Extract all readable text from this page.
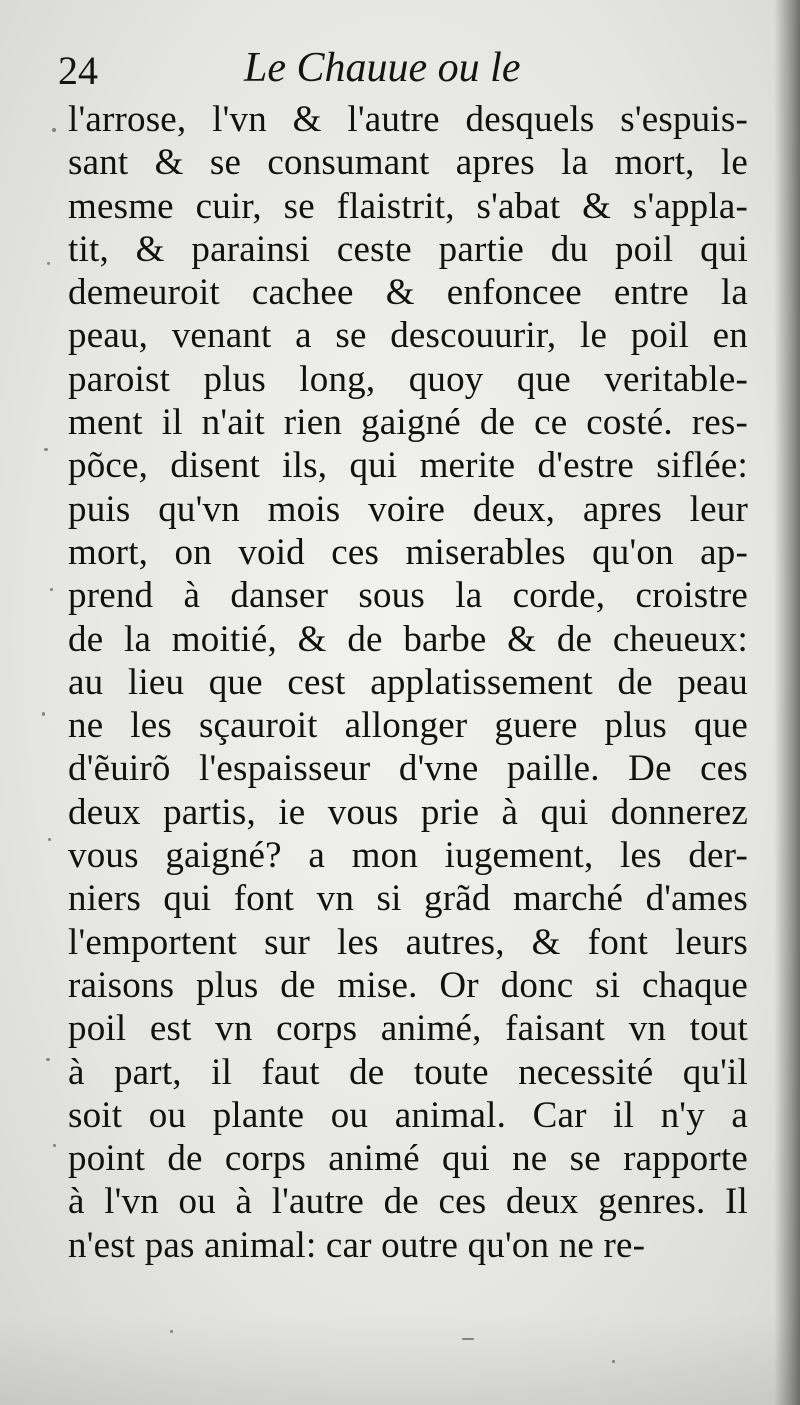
24	Le Chauue ou le
l'arrose, l'vn & l'autre desquels s'espuis-
sant & se consumant apres la mort, le
mesme cuir, se flaistrit, s'abat & s'appla-
tit, & parainsi ceste partie du poil qui
demeuroit cachee & enfoncee entre la
peau, venant a se descouurir, le poil en
paroist plus long, quoy que veritable-
ment il n'ait rien gaigné de ce costé. res-
põce, disent ils, qui merite d'estre siflée:
puis qu'vn mois voire deux, apres leur
mort, on void ces miserables qu'on ap-
prend à danser sous la corde, croistre
de la moitié, & de barbe & de cheueux:
au lieu que cest applatissement de peau
ne les sçauroit allonger guere plus que
d'ẽuirõ l'espaisseur d'vne paille. De ces
deux partis, ie vous prie à qui donnerez
vous gaigné? a mon iugement, les der-
niers qui font vn si grãd marché d'ames
l'emportent sur les autres, & font leurs
raisons plus de mise. Or donc si chaque
poil est vn corps animé, faisant vn tout
à part, il faut de toute necessité qu'il
soit ou plante ou animal. Car il n'y a
point de corps animé qui ne se rapporte
à l'vn ou à l'autre de ces deux genres. Il
n'est pas animal: car outre qu'on ne re-
